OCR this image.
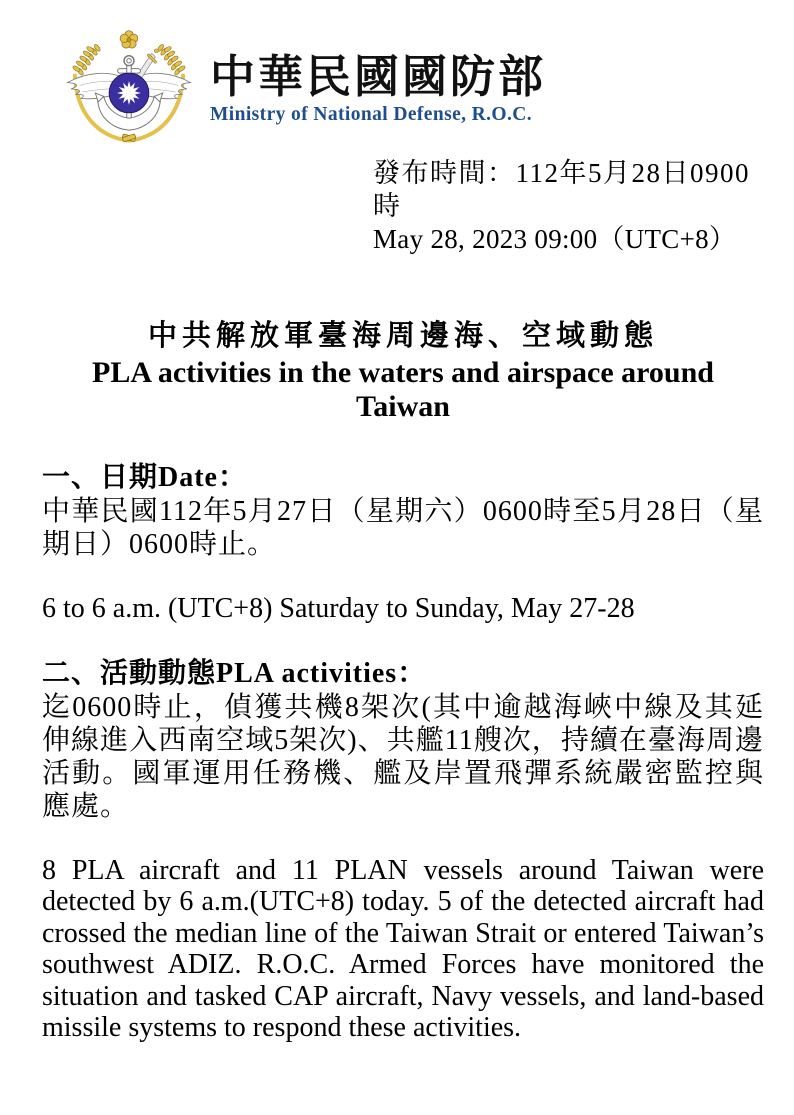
中華民國國防部
Ministry of National Defense, R.O.C.
發布時間：112年5月28日0900時
May 28, 2023 09:00（UTC+8）
中共解放軍臺海周邊海、空域動態
PLA activities in the waters and airspace around Taiwan
一、日期Date：

中華民國112年5月27日（星期六）0600時至5月28日（星期日）0600時止。

6 to 6 a.m. (UTC+8) Saturday to Sunday, May 27-28

二、活動動態PLA activities：

迄0600時止，偵獲共機8架次(其中逾越海峽中線及其延伸線進入西南空域5架次)、共艦11艘次，持續在臺海周邊活動。國軍運用任務機、艦及岸置飛彈系統嚴密監控與應處。

8 PLA aircraft and 11 PLAN vessels around Taiwan were detected by 6 a.m.(UTC+8) today. 5 of the detected aircraft had crossed the median line of the Taiwan Strait or entered Taiwan’s southwest ADIZ. R.O.C. Armed Forces have monitored the situation and tasked CAP aircraft, Navy vessels, and land-based missile systems to respond these activities.
